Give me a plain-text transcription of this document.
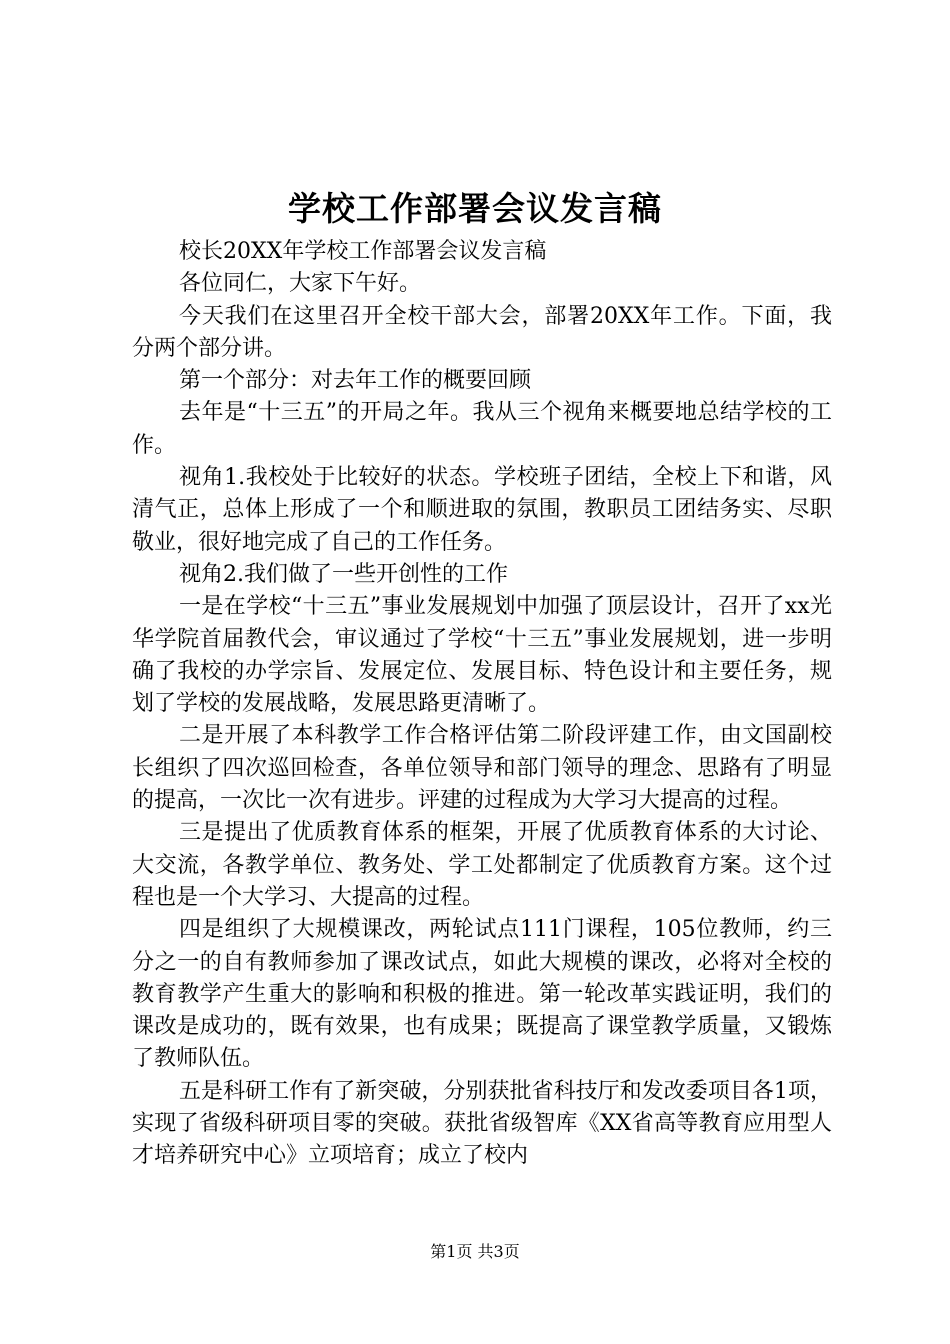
学校工作部署会议发言稿

校长20XX年学校工作部署会议发言稿

各位同仁，大家下午好。

今天我们在这里召开全校干部大会，部署20XX年工作。下面，我分两个部分讲。

第一个部分：对去年工作的概要回顾

去年是“十三五”的开局之年。我从三个视角来概要地总结学校的工作。

视角1.我校处于比较好的状态。学校班子团结，全校上下和谐，风清气正，总体上形成了一个和顺进取的氛围，教职员工团结务实、尽职敬业，很好地完成了自己的工作任务。

视角2.我们做了一些开创性的工作

一是在学校“十三五”事业发展规划中加强了顶层设计，召开了xx光华学院首届教代会，审议通过了学校“十三五”事业发展规划，进一步明确了我校的办学宗旨、发展定位、发展目标、特色设计和主要任务，规划了学校的发展战略，发展思路更清晰了。

二是开展了本科教学工作合格评估第二阶段评建工作，由文国副校长组织了四次巡回检查，各单位领导和部门领导的理念、思路有了明显的提高，一次比一次有进步。评建的过程成为大学习大提高的过程。

三是提出了优质教育体系的框架，开展了优质教育体系的大讨论、大交流，各教学单位、教务处、学工处都制定了优质教育方案。这个过程也是一个大学习、大提高的过程。

四是组织了大规模课改，两轮试点111门课程，105位教师，约三分之一的自有教师参加了课改试点，如此大规模的课改，必将对全校的教育教学产生重大的影响和积极的推进。第一轮改革实践证明，我们的课改是成功的，既有效果，也有成果；既提高了课堂教学质量，又锻炼了教师队伍。

五是科研工作有了新突破，分别获批省科技厅和发改委项目各1项，实现了省级科研项目零的突破。获批省级智库《XX省高等教育应用型人才培养研究中心》立项培育；成立了校内

第1页 共3页
